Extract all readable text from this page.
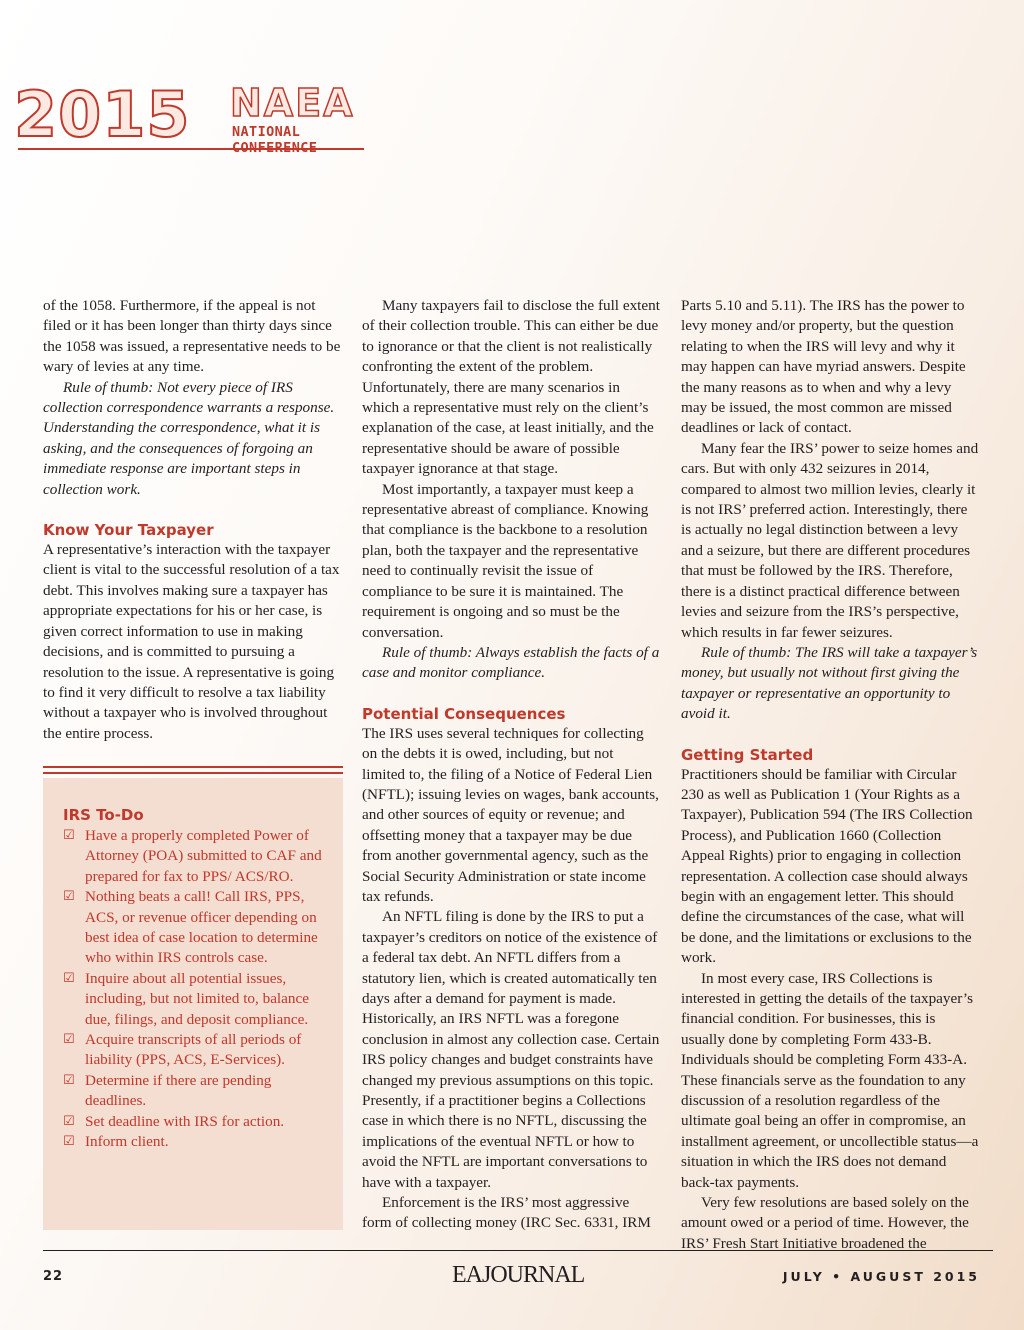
2015 NAEA
NATIONAL CONFERENCE

of the 1058. Furthermore, if the appeal is not filed or it has been longer than thirty days since the 1058 was issued, a representative needs to be wary of levies at any time.

Rule of thumb: Not every piece of IRS collection correspondence warrants a response. Understanding the correspondence, what it is asking, and the consequences of forgoing an immediate response are important steps in collection work.

Know Your Taxpayer

A representative’s interaction with the taxpayer client is vital to the successful resolution of a tax debt. This involves making sure a taxpayer has appropriate expectations for his or her case, is given correct information to use in making decisions, and is committed to pursuing a resolution to the issue. A representative is going to find it very difficult to resolve a tax liability without a taxpayer who is involved throughout the entire process.

IRS To-Do
☑ Have a properly completed Power of Attorney (POA) submitted to CAF and prepared for fax to PPS/ ACS/RO.
☑ Nothing beats a call! Call IRS, PPS, ACS, or revenue officer depending on best idea of case location to determine who within IRS controls case.
☑ Inquire about all potential issues, including, but not limited to, balance due, filings, and deposit compliance.
☑ Acquire transcripts of all periods of liability (PPS, ACS, E-Services).
☑ Determine if there are pending deadlines.
☑ Set deadline with IRS for action.
☑ Inform client.

Many taxpayers fail to disclose the full extent of their collection trouble. This can either be due to ignorance or that the client is not realistically confronting the extent of the problem. Unfortunately, there are many scenarios in which a representative must rely on the client’s explanation of the case, at least initially, and the representative should be aware of possible taxpayer ignorance at that stage.

Most importantly, a taxpayer must keep a representative abreast of compliance. Knowing that compliance is the backbone to a resolution plan, both the taxpayer and the representative need to continually revisit the issue of compliance to be sure it is maintained. The requirement is ongoing and so must be the conversation.

Rule of thumb: Always establish the facts of a case and monitor compliance.

Potential Consequences

The IRS uses several techniques for collecting on the debts it is owed, including, but not limited to, the filing of a Notice of Federal Lien (NFTL); issuing levies on wages, bank accounts, and other sources of equity or revenue; and offsetting money that a taxpayer may be due from another governmental agency, such as the Social Security Administration or state income tax refunds.

An NFTL filing is done by the IRS to put a taxpayer’s creditors on notice of the existence of a federal tax debt. An NFTL differs from a statutory lien, which is created automatically ten days after a demand for payment is made. Historically, an IRS NFTL was a foregone conclusion in almost any collection case. Certain IRS policy changes and budget constraints have changed my previous assumptions on this topic. Presently, if a practitioner begins a Collections case in which there is no NFTL, discussing the implications of the eventual NFTL or how to avoid the NFTL are important conversations to have with a taxpayer.

Enforcement is the IRS’ most aggressive form of collecting money (IRC Sec. 6331, IRM

Parts 5.10 and 5.11). The IRS has the power to levy money and/or property, but the question relating to when the IRS will levy and why it may happen can have myriad answers. Despite the many reasons as to when and why a levy may be issued, the most common are missed deadlines or lack of contact.

Many fear the IRS’ power to seize homes and cars. But with only 432 seizures in 2014, compared to almost two million levies, clearly it is not IRS’ preferred action. Interestingly, there is actually no legal distinction between a levy and a seizure, but there are different procedures that must be followed by the IRS. Therefore, there is a distinct practical difference between levies and seizure from the IRS’s perspective, which results in far fewer seizures.

Rule of thumb: The IRS will take a taxpayer’s money, but usually not without first giving the taxpayer or representative an opportunity to avoid it.

Getting Started

Practitioners should be familiar with Circular 230 as well as Publication 1 (Your Rights as a Taxpayer), Publication 594 (The IRS Collection Process), and Publication 1660 (Collection Appeal Rights) prior to engaging in collection representation. A collection case should always begin with an engagement letter. This should define the circumstances of the case, what will be done, and the limitations or exclusions to the work.

In most every case, IRS Collections is interested in getting the details of the taxpayer’s financial condition. For businesses, this is usually done by completing Form 433-B. Individuals should be completing Form 433-A. These financials serve as the foundation to any discussion of a resolution regardless of the ultimate goal being an offer in compromise, an installment agreement, or uncollectible status—a situation in which the IRS does not demand back-tax payments.

Very few resolutions are based solely on the amount owed or a period of time. However, the IRS’ Fresh Start Initiative broadened the

22	EAJOURNAL	JULY • AUGUST 2015
